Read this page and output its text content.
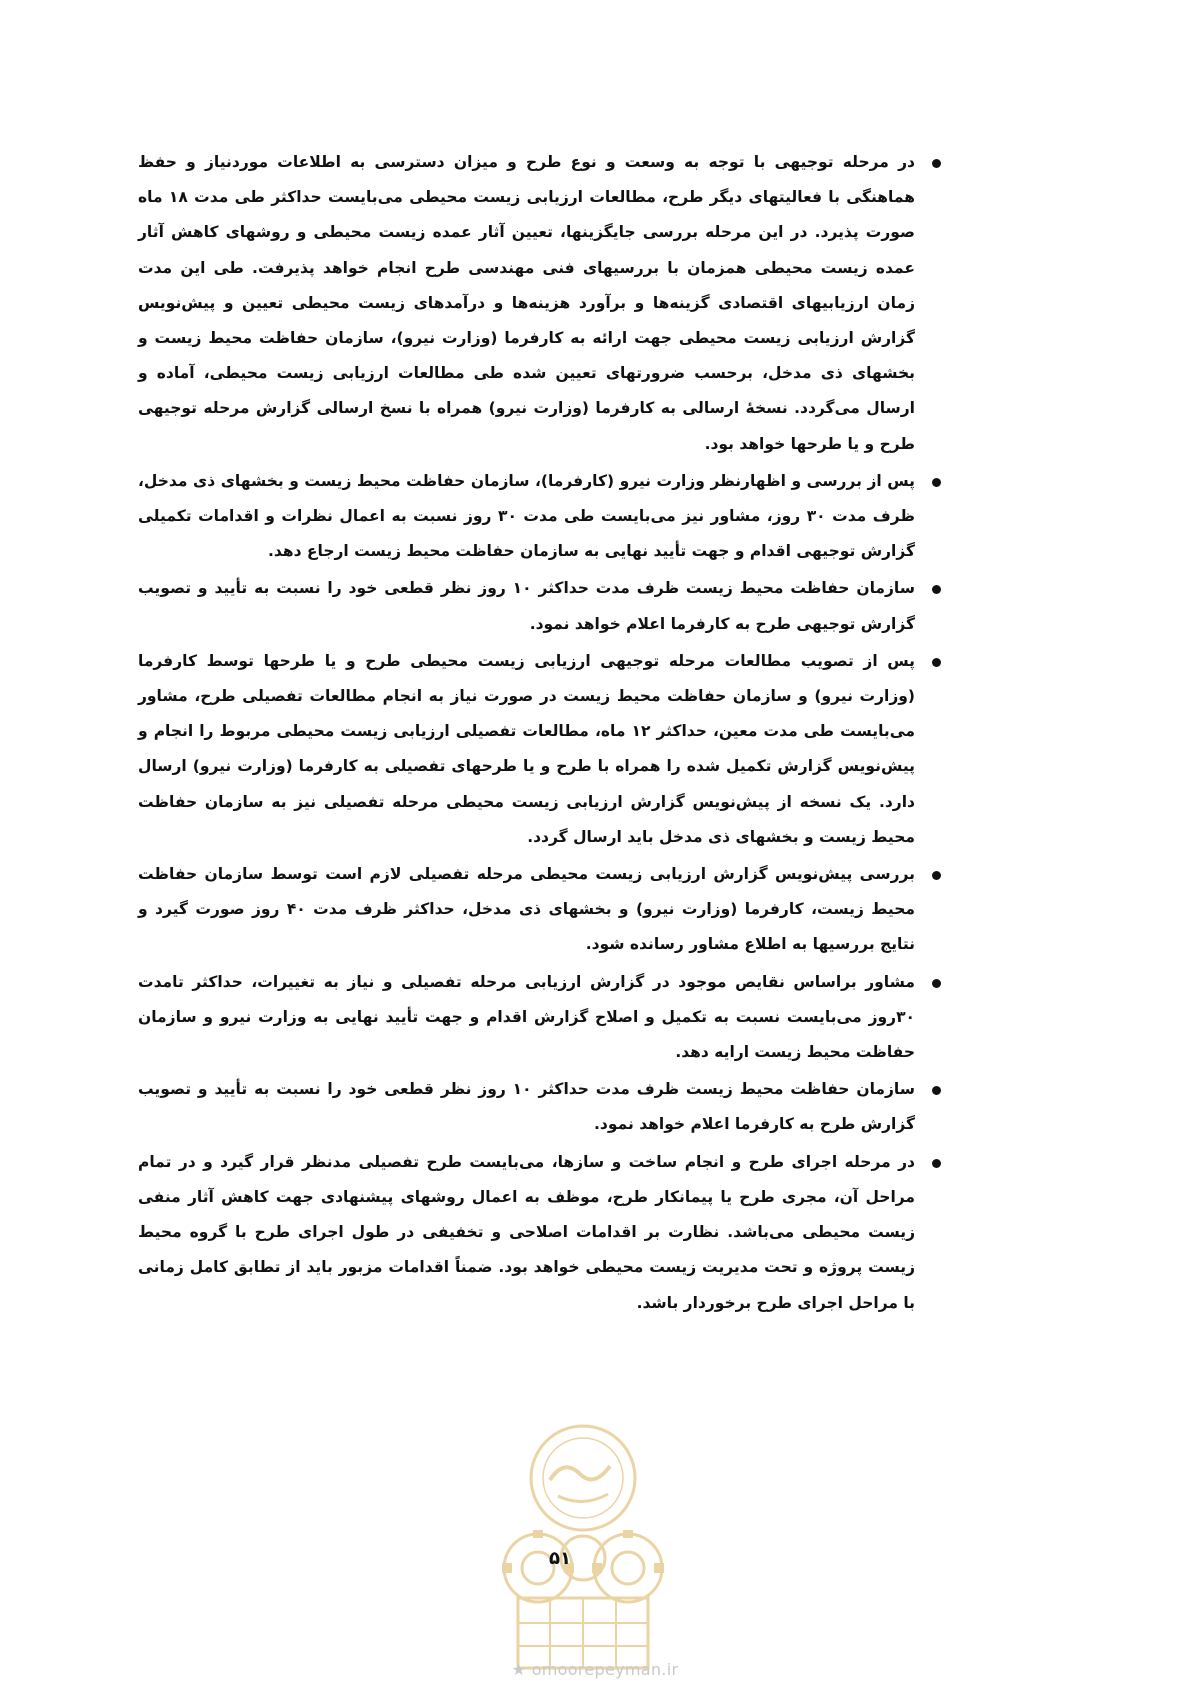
در مرحله توجیهی با توجه به وسعت و نوع طرح و میزان دسترسی به اطلاعات موردنیاز و حفظ هماهنگی با فعالیتهای دیگر طرح، مطالعات ارزیابی زیست محیطی می‌بایست حداکثر طی مدت ۱۸ ماه صورت پذیرد. در این مرحله بررسی جایگزینها، تعیین آثار عمده زیست محیطی و روشهای کاهش آثار عمده زیست محیطی همزمان با بررسیهای فنی مهندسی طرح انجام خواهد پذیرفت. طی این مدت زمان ارزیابیهای اقتصادی گزینه‌ها و برآورد هزینه‌ها و درآمدهای زیست محیطی تعیین و پیش‌نویس گزارش ارزیابی زیست محیطی جهت ارائه به کارفرما (وزارت نیرو)، سازمان حفاظت محیط زیست و بخشهای ذی مدخل، برحسب ضرورتهای تعیین شده طی مطالعات ارزیابی زیست محیطی، آماده و ارسال می‌گردد. نسخهٔ ارسالی به کارفرما (وزارت نیرو) همراه با نسخ ارسالی گزارش مرحله توجیهی طرح و یا طرحها خواهد بود.
پس از بررسی و اظهارنظر وزارت نیرو (کارفرما)، سازمان حفاظت محیط زیست و بخشهای ذی مدخل، ظرف مدت ۳۰ روز، مشاور نیز می‌بایست طی مدت ۳۰ روز نسبت به اعمال نظرات و اقدامات تکمیلی گزارش توجیهی اقدام و جهت تأیید نهایی به سازمان حفاظت محیط زیست ارجاع دهد.
سازمان حفاظت محیط زیست ظرف مدت حداکثر ۱۰ روز نظر قطعی خود را نسبت به تأیید و تصویب گزارش توجیهی طرح به کارفرما اعلام خواهد نمود.
پس از تصویب مطالعات مرحله توجیهی ارزیابی زیست محیطی طرح و یا طرحها توسط کارفرما (وزارت نیرو) و سازمان حفاظت محیط زیست در صورت نیاز به انجام مطالعات تفصیلی طرح، مشاور می‌بایست طی مدت معین، حداکثر ۱۲ ماه، مطالعات تفصیلی ارزیابی زیست محیطی مربوط را انجام و پیش‌نویس گزارش تکمیل شده را همراه با طرح و یا طرحهای تفصیلی به کارفرما (وزارت نیرو) ارسال دارد. یک نسخه از پیش‌نویس گزارش ارزیابی زیست محیطی مرحله تفصیلی نیز به سازمان حفاظت محیط زیست و بخشهای ذی مدخل باید ارسال گردد.
بررسی پیش‌نویس گزارش ارزیابی زیست محیطی مرحله تفصیلی لازم است توسط سازمان حفاظت محیط زیست، کارفرما (وزارت نیرو) و بخشهای ذی مدخل، حداکثر ظرف مدت ۴۰ روز صورت گیرد و نتایج بررسیها به اطلاع مشاور رسانده شود.
مشاور براساس نقایص موجود در گزارش ارزیابی مرحله تفصیلی و نیاز به تغییرات، حداکثر تامدت ۳۰روز می‌بایست نسبت به تکمیل و اصلاح گزارش اقدام و جهت تأیید نهایی به وزارت نیرو و سازمان حفاظت محیط زیست ارایه دهد.
سازمان حفاظت محیط زیست ظرف مدت حداکثر ۱۰ روز نظر قطعی خود را نسبت به تأیید و تصویب گزارش طرح به کارفرما اعلام خواهد نمود.
در مرحله اجرای طرح و انجام ساخت و سازها، می‌بایست طرح تفصیلی مدنظر قرار گیرد و در تمام مراحل آن، مجری طرح یا پیمانکار طرح، موظف به اعمال روشهای پیشنهادی جهت کاهش آثار منفی زیست محیطی می‌باشد. نظارت بر اقدامات اصلاحی و تخفیفی در طول اجرای طرح با گروه محیط زیست پروژه و تحت مدیریت زیست محیطی خواهد بود. ضمناً اقدامات مزبور باید از تطابق کامل زمانی با مراحل اجرای طرح برخوردار باشد.
۵۱
★ omoorepeyman.ir
